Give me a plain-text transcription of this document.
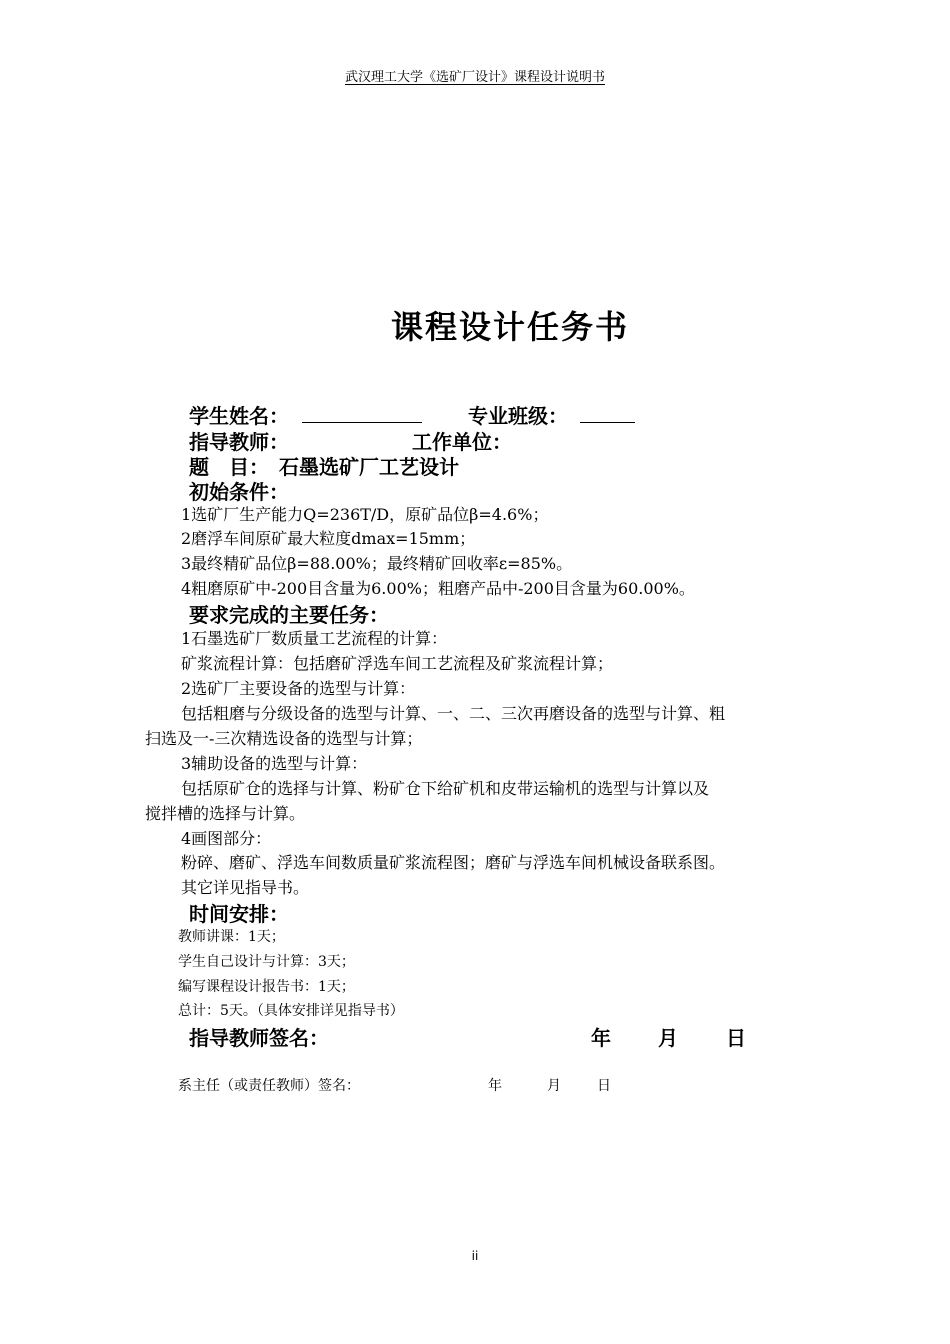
武汉理工大学《选矿厂设计》课程设计说明书
课程设计任务书
学生姓名：	专业班级：
指导教师：	工作单位：
题　目： 石墨选矿厂工艺设计
初始条件：
1选矿厂生产能力Q=236T/D，原矿品位β=4.6%；
2磨浮车间原矿最大粒度dmax=15mm；
3最终精矿品位β=88.00%；最终精矿回收率ε=85%。
4粗磨原矿中-200目含量为6.00%；粗磨产品中-200目含量为60.00%。
要求完成的主要任务：
1石墨选矿厂数质量工艺流程的计算：
矿浆流程计算：包括磨矿浮选车间工艺流程及矿浆流程计算；
2选矿厂主要设备的选型与计算：
包括粗磨与分级设备的选型与计算、一、二、三次再磨设备的选型与计算、粗
扫选及一-三次精选设备的选型与计算；
3辅助设备的选型与计算：
包括原矿仓的选择与计算、粉矿仓下给矿机和皮带运输机的选型与计算以及
搅拌槽的选择与计算。
4画图部分：
粉碎、磨矿、浮选车间数质量矿浆流程图；磨矿与浮选车间机械设备联系图。
其它详见指导书。
时间安排：
教师讲课：1天；
学生自己设计与计算：3天；
编写课程设计报告书：1天；
总计：5天。（具体安排详见指导书）
指导教师签名：	年 月 日
系主任（或责任教师）签名：	年	月	日
ii
